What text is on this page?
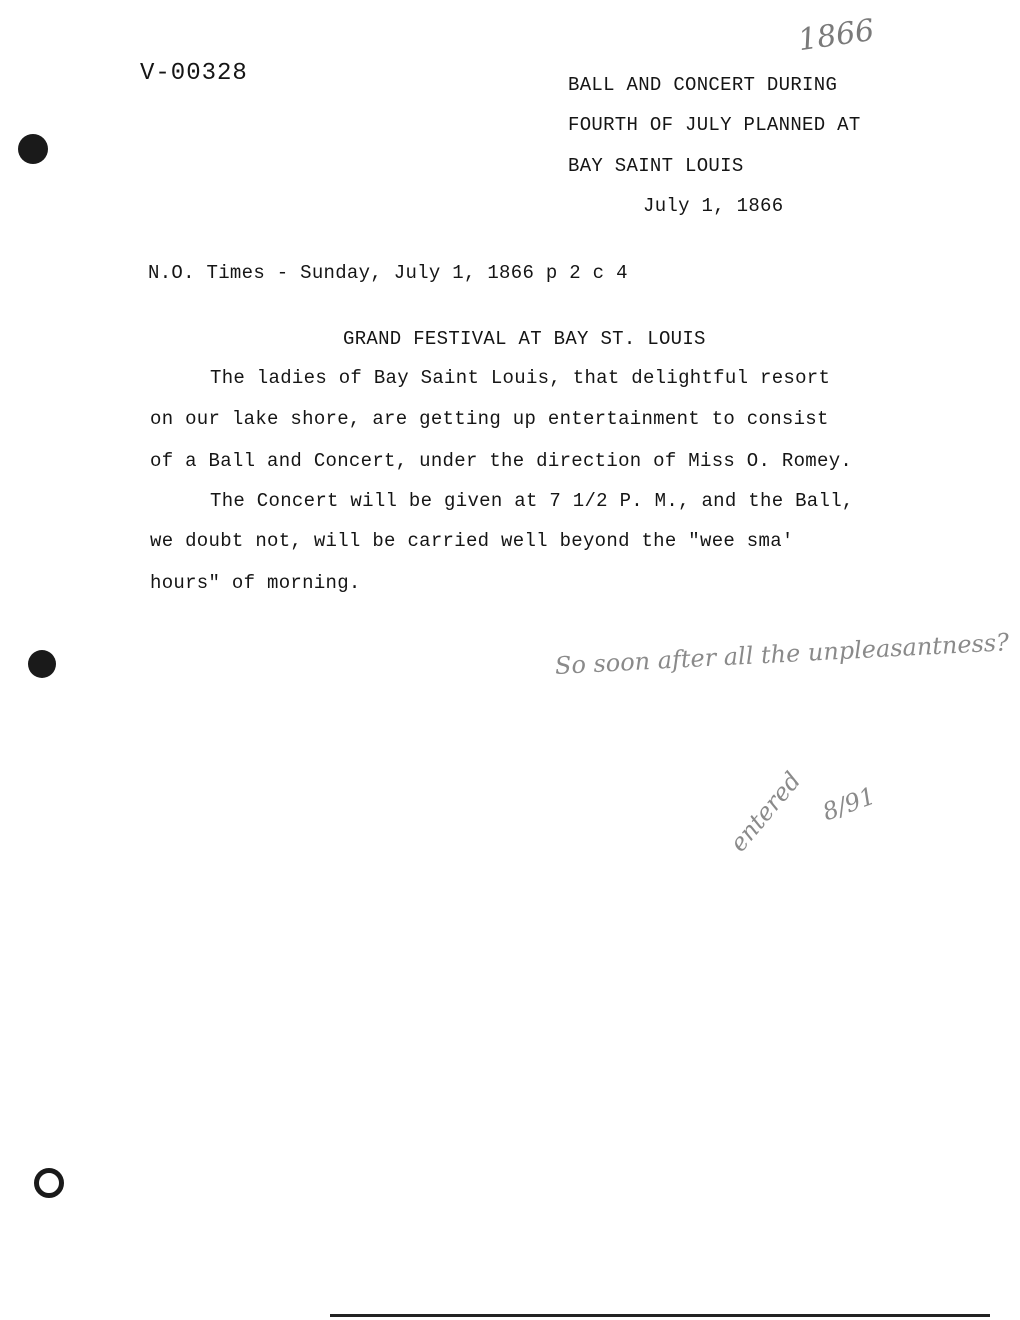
V-00328
1866
BALL AND CONCERT DURING
FOURTH OF JULY PLANNED AT
BAY SAINT LOUIS
July 1, 1866
N.O. Times - Sunday, July 1, 1866 p 2 c 4
GRAND FESTIVAL AT BAY ST. LOUIS
The ladies of Bay Saint Louis, that delightful resort
on our lake shore, are getting up entertainment to consist
of a Ball and Concert, under the direction of Miss O. Romey.
The Concert will be given at 7 1/2 P. M., and the Ball,
we doubt not, will be carried well beyond the "wee sma'
hours" of morning.
So soon after all the unpleasantness?
entered 8/91
